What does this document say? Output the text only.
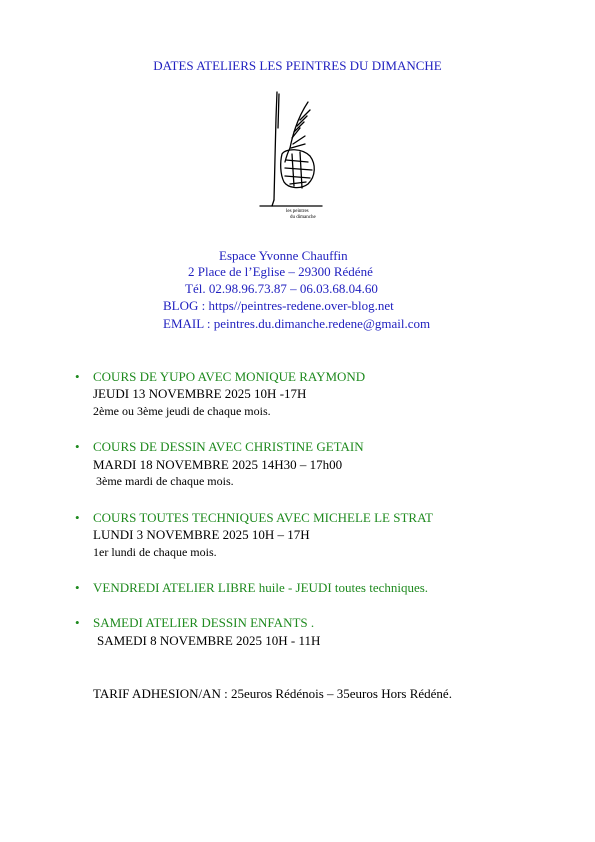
DATES ATELIERS LES PEINTRES DU DIMANCHE
les peintres
du dimanche
Espace Yvonne Chauffin
2 Place de l’Eglise – 29300 Rédéné
Tél. 02.98.96.73.87 – 06.03.68.04.60
BLOG : https//peintres-redene.over-blog.net
EMAIL : peintres.du.dimanche.redene@gmail.com
• COURS DE YUPO AVEC MONIQUE RAYMOND
JEUDI 13 NOVEMBRE 2025 10H -17H
2ème ou 3ème jeudi de chaque mois.
• COURS DE DESSIN AVEC CHRISTINE GETAIN
MARDI 18 NOVEMBRE 2025 14H30 – 17h00
3ème mardi de chaque mois.
• COURS TOUTES TECHNIQUES AVEC MICHELE LE STRAT
LUNDI 3 NOVEMBRE 2025 10H – 17H
1er lundi de chaque mois.
• VENDREDI ATELIER LIBRE huile - JEUDI toutes techniques.
• SAMEDI ATELIER DESSIN ENFANTS .
SAMEDI 8 NOVEMBRE 2025 10H - 11H
TARIF ADHESION/AN : 25euros Rédénois – 35euros Hors Rédéné.
